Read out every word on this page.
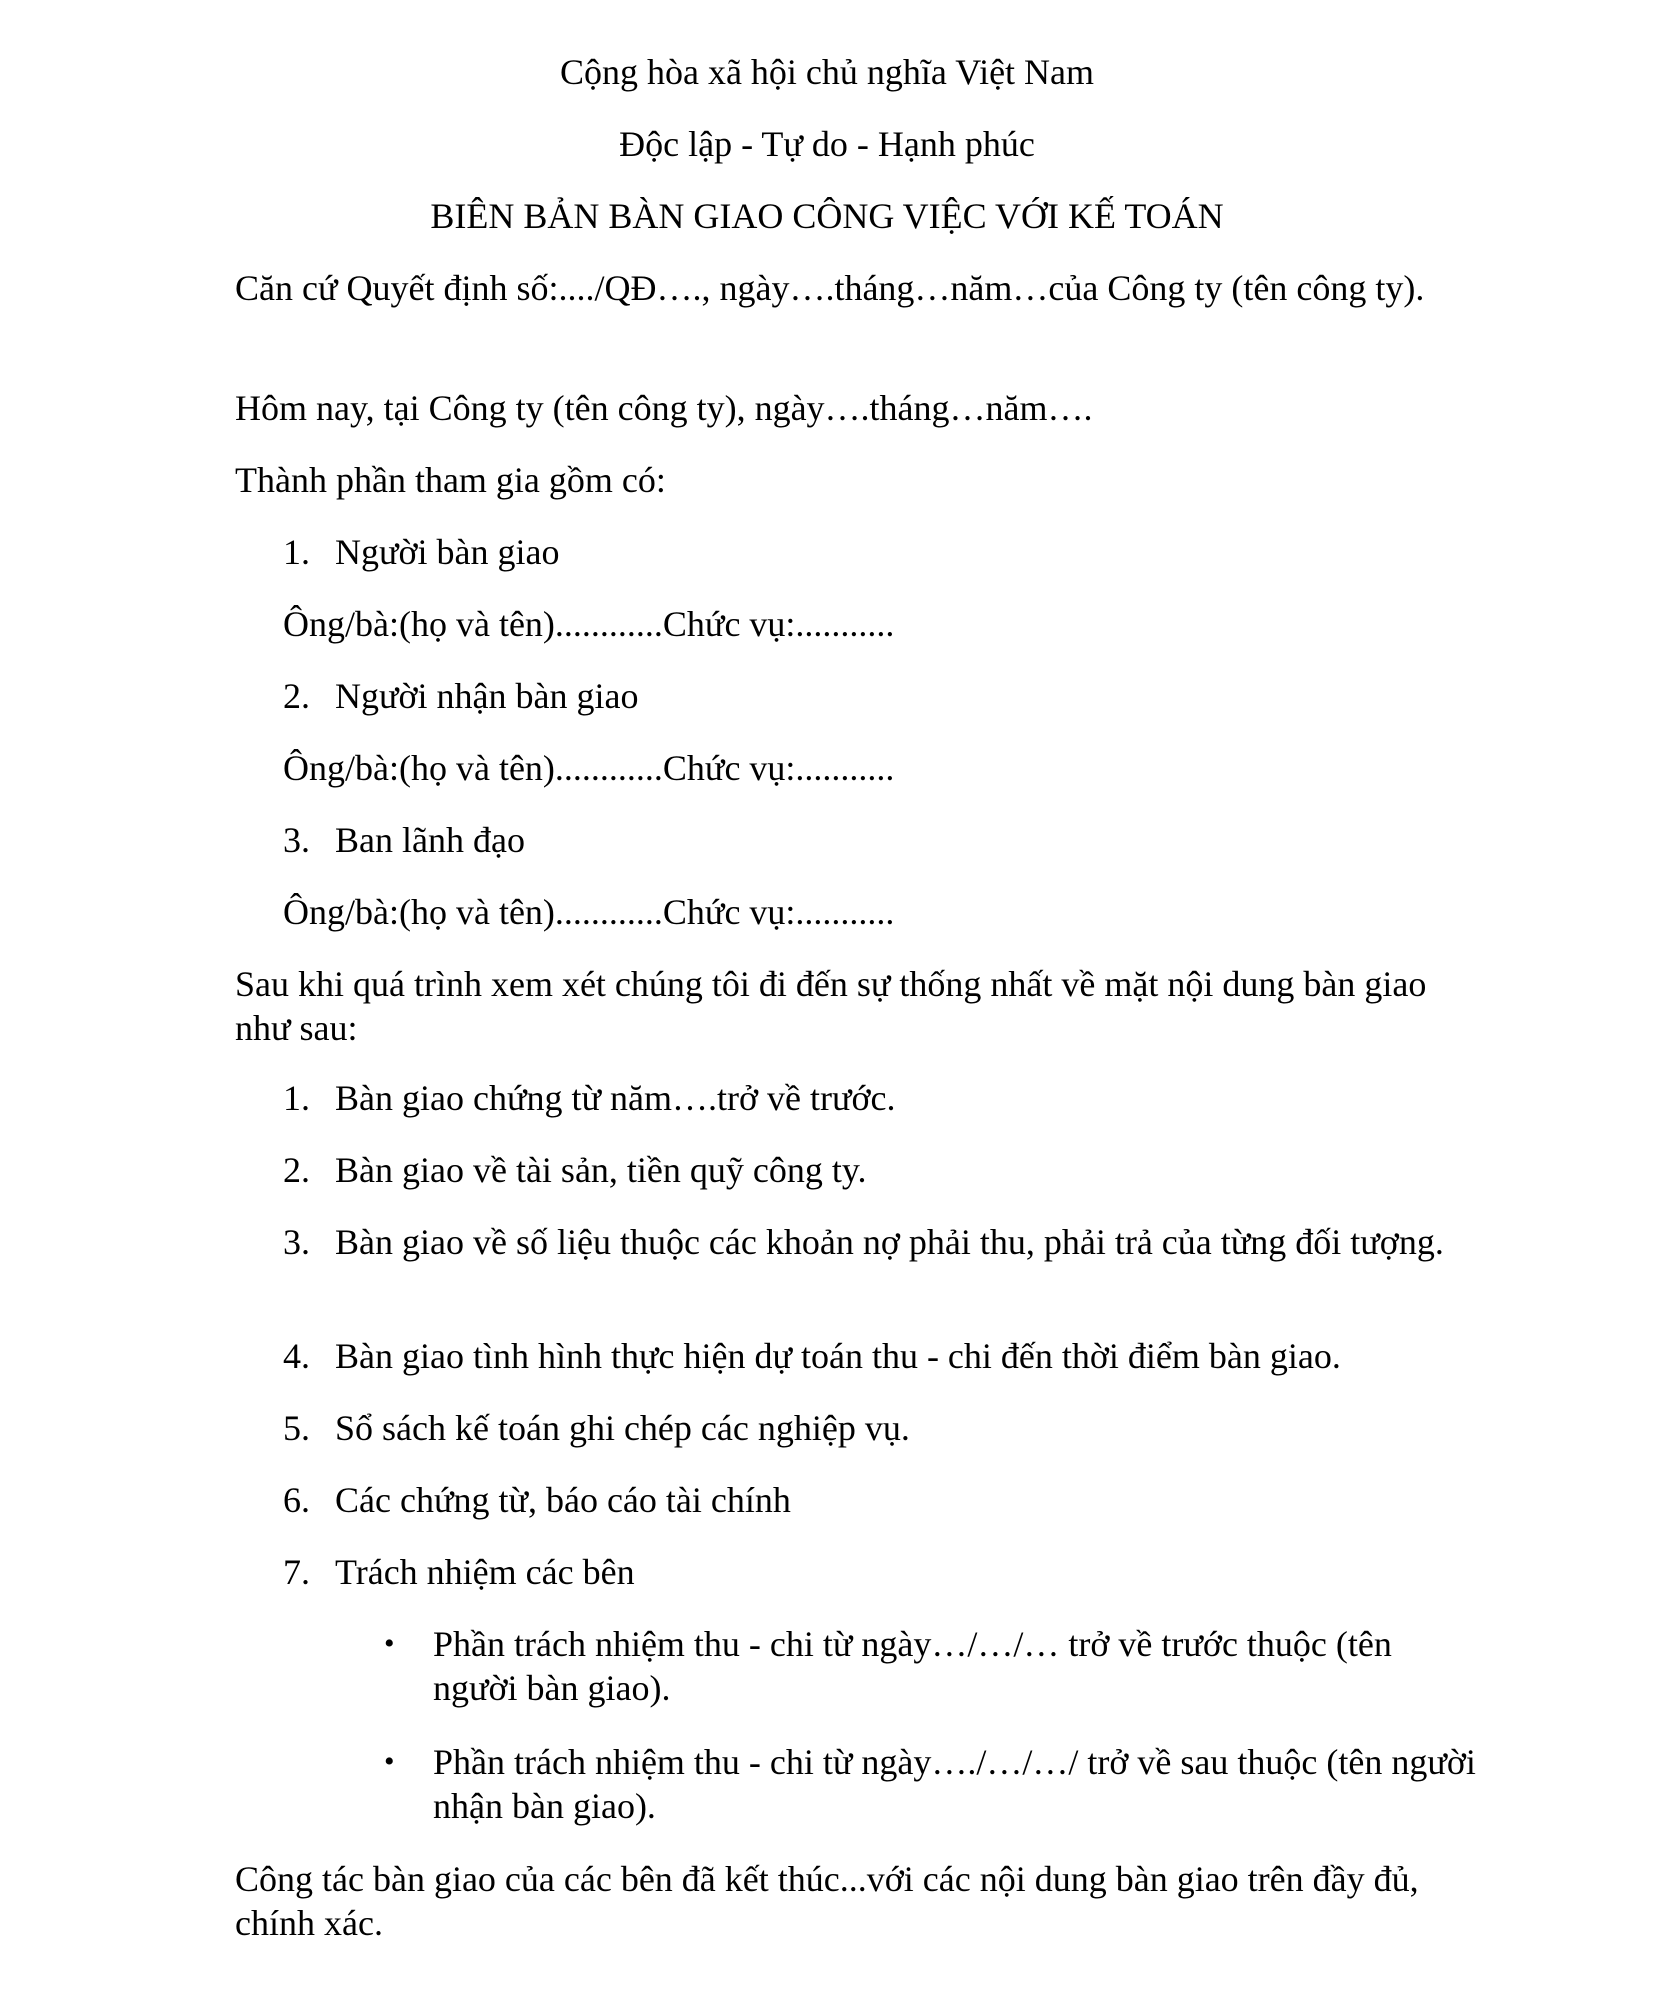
Cộng hòa xã hội chủ nghĩa Việt Nam
Độc lập - Tự do - Hạnh phúc
BIÊN BẢN BÀN GIAO CÔNG VIỆC VỚI KẾ TOÁN
Căn cứ Quyết định số:..../QĐ…., ngày….tháng…năm…của Công ty (tên công ty).
Hôm nay, tại Công ty (tên công ty), ngày….tháng…năm….
Thành phần tham gia gồm có:
1. Người bàn giao
Ông/bà:(họ và tên)............Chức vụ:...........
2. Người nhận bàn giao
Ông/bà:(họ và tên)............Chức vụ:...........
3. Ban lãnh đạo
Ông/bà:(họ và tên)............Chức vụ:...........
Sau khi quá trình xem xét chúng tôi đi đến sự thống nhất về mặt nội dung bàn giao như sau:
1. Bàn giao chứng từ năm….trở về trước.
2. Bàn giao về tài sản, tiền quỹ công ty.
3. Bàn giao về số liệu thuộc các khoản nợ phải thu, phải trả của từng đối tượng.
4. Bàn giao tình hình thực hiện dự toán thu - chi đến thời điểm bàn giao.
5. Sổ sách kế toán ghi chép các nghiệp vụ.
6. Các chứng từ, báo cáo tài chính
7. Trách nhiệm các bên
• Phần trách nhiệm thu - chi từ ngày…/…/… trở về trước thuộc (tên người bàn giao).
• Phần trách nhiệm thu - chi từ ngày…./…/…/ trở về sau thuộc (tên người nhận bàn giao).
Công tác bàn giao của các bên đã kết thúc...với các nội dung bàn giao trên đầy đủ, chính xác.
